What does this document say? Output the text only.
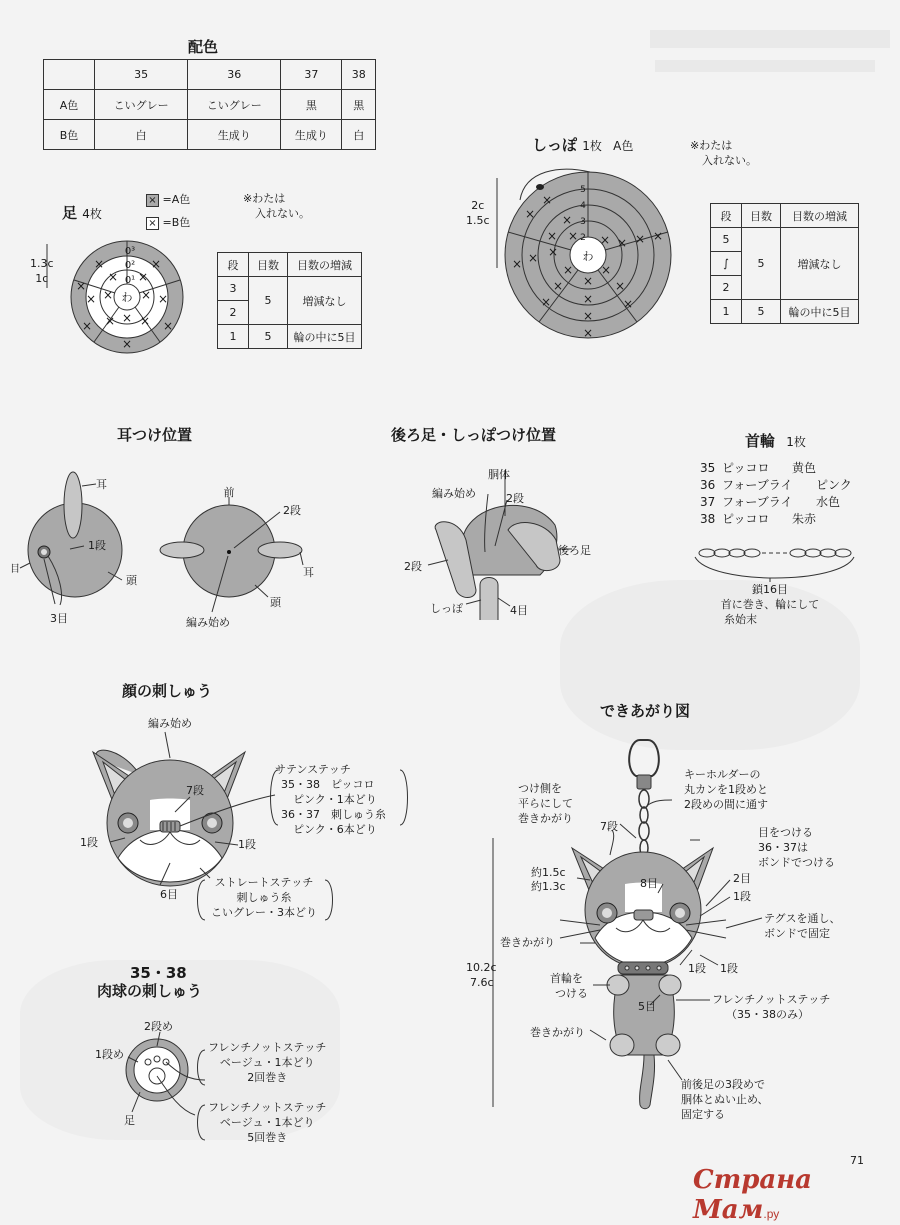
配色
	35	36	37	38
A色	こいグレー	こいグレー	黒	黒
B色	白	生成り	生成り	白
足 4枚
× =A色
× =B色
※わたは
入れない。
1.3c
1c
わ
0³
0²
0¹
× ×
×
×
×
×	×
×
×
× ×
×
×	×
×
段	目数	目数の増減
3	5	増減なし
2		
1	5	輪の中に5目
しっぽ 1枚 A色	※わたは
入れない。
2c
1.5c
5
4
3
2
わ
×
×
×
×
×	× × × ×
×
×
×
×
×
×
×
×
×
×
× × ×
段	目数	目数の増減
5	5	増減なし
∫		
2		
1	5	輪の中に5目
耳つけ位置
耳
1段
頭
目
3目
前
2段
耳
頭
編み始め
後ろ足・しっぽつけ位置
胴体
編み始め	2段
後ろ足
2段
しっぽ	4目
首輪 1枚
35 ピッコロ 黄色
36 フォーブライ ピンク
37 フォーブライ 水色
38 ピッコロ 朱赤
鎖16目
首に巻き、輪にして
糸始末
顔の刺しゅう
編み始め
7段
1段	1段
6目
サテンステッチ
35・38　ピッコロ
ピンク・1本どり
36・37　刺しゅう糸
ピンク・6本どり
ストレートステッチ
刺しゅう糸
こいグレー・3本どり
35・38
肉球の刺しゅう
2段め
1段め
足
フレンチノットステッチ
ベージュ・1本どり
2回巻き
フレンチノットステッチ
ベージュ・1本どり
5回巻き
できあがり図
7段
約1.5c
約1.3c	8目	2目
1段
巻きかがり
10.2c
7.6c	首輪を
つける
1段 1段
5目
巻きかがり
キーホルダーの
丸カンを1段めと
2段めの間に通す
つけ側を
平らにして
巻きかがり
目をつける
36・37は
ボンドでつける
テグスを通し、
ボンドで固定
フレンチノットステッチ
（35・38のみ）
前後足の3段めで
胴体とぬい止め、
固定する
71
Страна Мам.ру
